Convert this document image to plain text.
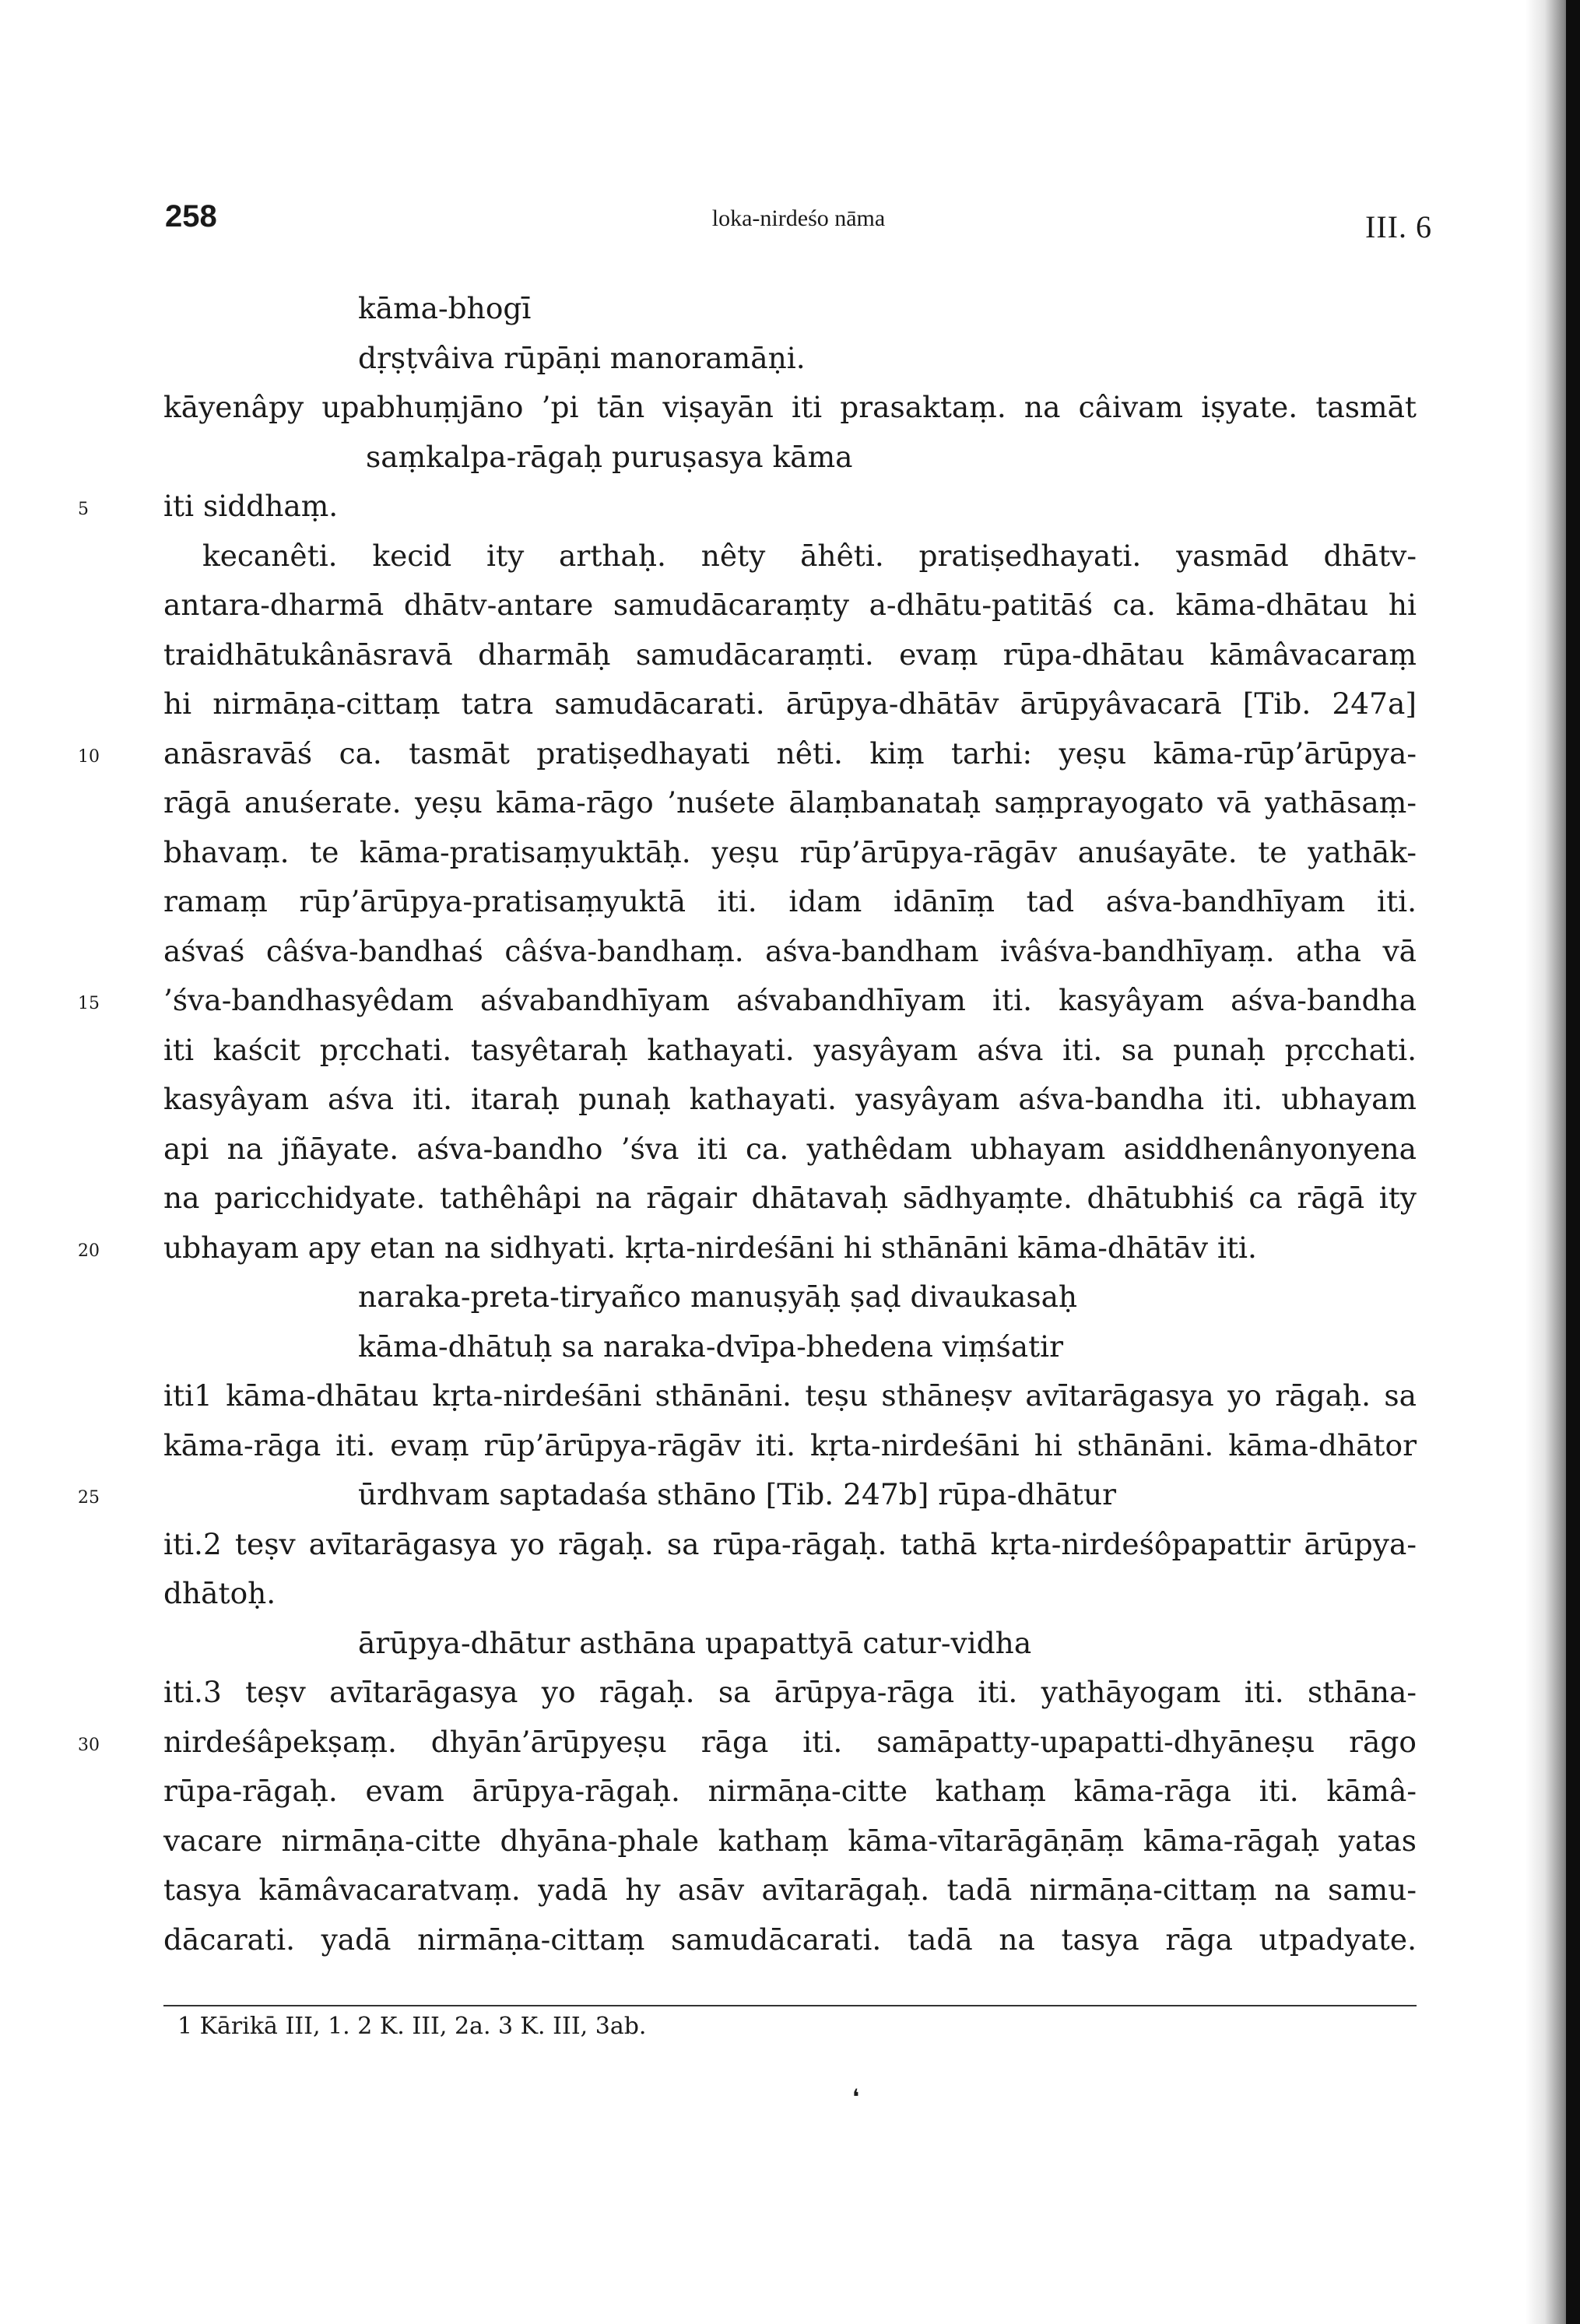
258	loka-nirdeśo nāma	III. 6
kāma-bhogī
dṛṣṭvâiva rūpāṇi manoramāṇi.
kāyenâpy upabhuṃjāno ’pi tān viṣayān iti prasaktaṃ. na câivam iṣyate. tasmāt
saṃkalpa-rāgaḥ puruṣasya kāma
iti siddhaṃ.
5
kecanêti. kecid ity arthaḥ. nêty āhêti. pratiṣedhayati. yasmād dhātv-
antara-dharmā dhātv-antare samudācaraṃty a-dhātu-patitāś ca. kāma-dhātau hi
traidhātukânāsravā dharmāḥ samudācaraṃti. evaṃ rūpa-dhātau kāmâvacaraṃ
hi nirmāṇa-cittaṃ tatra samudācarati. ārūpya-dhātāv ārūpyâvacarā [Tib. 247a]
anāsravāś ca. tasmāt pratiṣedhayati nêti. kiṃ tarhi: yeṣu kāma-rūp’ārūpya-
10
rāgā anuśerate. yeṣu kāma-rāgo ’nuśete ālaṃbanataḥ saṃprayogato vā yathāsaṃ-
bhavaṃ. te kāma-pratisaṃyuktāḥ. yeṣu rūp’ārūpya-rāgāv anuśayāte. te yathāk-
ramaṃ rūp’ārūpya-pratisaṃyuktā iti. idam idānīṃ tad aśva-bandhīyam iti.
aśvaś câśva-bandhaś câśva-bandhaṃ. aśva-bandham ivâśva-bandhīyaṃ. atha vā
’śva-bandhasyêdam aśvabandhīyam aśvabandhīyam iti. kasyâyam aśva-bandha
15
iti kaścit pṛcchati. tasyêtaraḥ kathayati. yasyâyam aśva iti. sa punaḥ pṛcchati.
kasyâyam aśva iti. itaraḥ punaḥ kathayati. yasyâyam aśva-bandha iti. ubhayam
api na jñāyate. aśva-bandho ’śva iti ca. yathêdam ubhayam asiddhenânyonyena
na paricchidyate. tathêhâpi na rāgair dhātavaḥ sādhyaṃte. dhātubhiś ca rāgā ity
ubhayam apy etan na sidhyati. kṛta-nirdeśāni hi sthānāni kāma-dhātāv iti.
20
naraka-preta-tiryañco manuṣyāḥ ṣaḍ divaukasaḥ
kāma-dhātuḥ sa naraka-dvīpa-bhedena viṃśatir
iti1 kāma-dhātau kṛta-nirdeśāni sthānāni. teṣu sthāneṣv avītarāgasya yo rāgaḥ. sa
kāma-rāga iti. evaṃ rūp’ārūpya-rāgāv iti. kṛta-nirdeśāni hi sthānāni. kāma-dhātor
ūrdhvam saptadaśa sthāno [Tib. 247b] rūpa-dhātur
25
iti.2 teṣv avītarāgasya yo rāgaḥ. sa rūpa-rāgaḥ. tathā kṛta-nirdeśôpapattir ārūpya-
dhātoḥ.
ārūpya-dhātur asthāna upapattyā catur-vidha
iti.3 teṣv avītarāgasya yo rāgaḥ. sa ārūpya-rāga iti. yathāyogam iti. sthāna-
nirdeśâpekṣaṃ. dhyān’ārūpyeṣu rāga iti. samāpatty-upapatti-dhyāneṣu rāgo
30
rūpa-rāgaḥ. evam ārūpya-rāgaḥ. nirmāṇa-citte kathaṃ kāma-rāga iti. kāmâ-
vacare nirmāṇa-citte dhyāna-phale kathaṃ kāma-vītarāgāṇāṃ kāma-rāgaḥ yatas
tasya kāmâvacaratvaṃ. yadā hy asāv avītarāgaḥ. tadā nirmāṇa-cittaṃ na samu-
dācarati. yadā nirmāṇa-cittaṃ samudācarati. tadā na tasya rāga utpadyate.
1 Kārikā III, 1. 2 K. III, 2a. 3 K. III, 3ab.
❛
